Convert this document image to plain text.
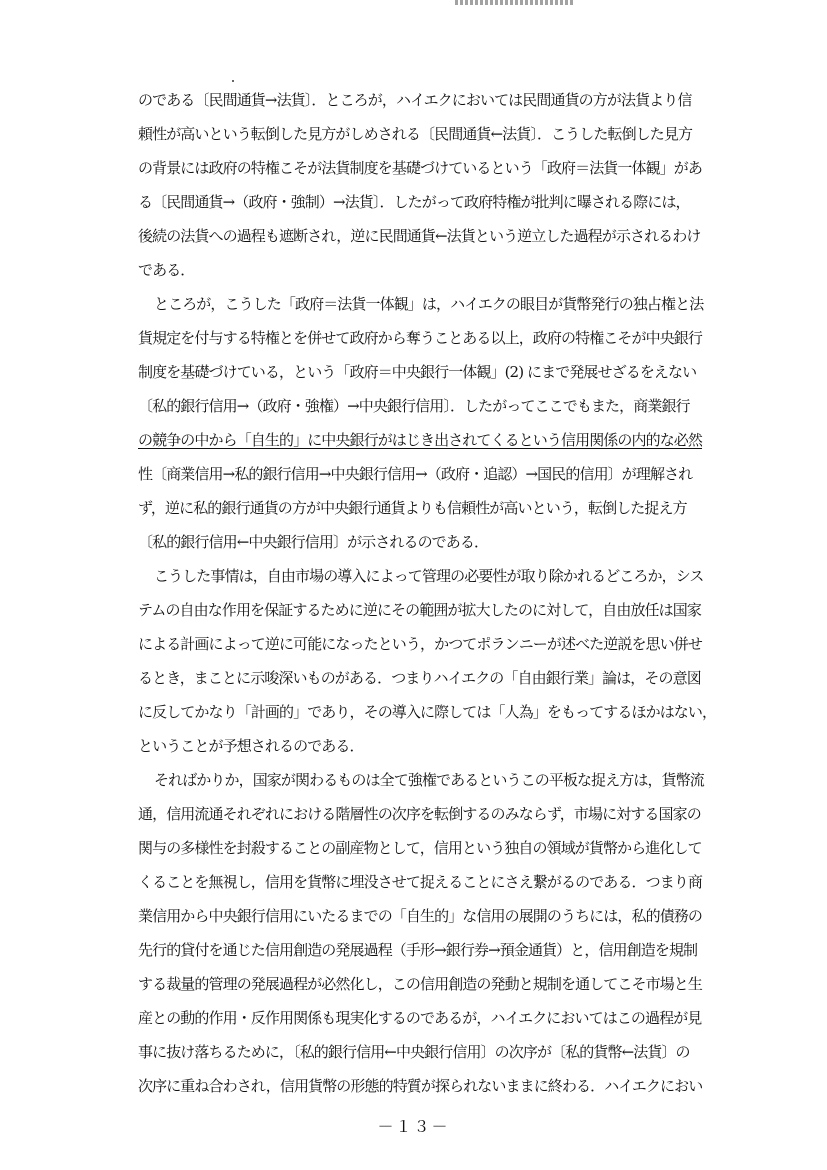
のである〔民間通貨→法貨〕．ところが，ハイエクにおいては民間通貨の方が法貨より信
頼性が高いという転倒した見方がしめされる〔民間通貨←法貨〕．こうした転倒した見方
の背景には政府の特権こそが法貨制度を基礎づけているという「政府＝法貨一体観」があ
る〔民間通貨→（政府・強制）→法貨〕．したがって政府特権が批判に曝される際には，
後続の法貨への過程も遮断され，逆に民間通貨←法貨という逆立した過程が示されるわけ
である．
ところが，こうした「政府＝法貨一体観」は，ハイエクの眼目が貨幣発行の独占権と法
貨規定を付与する特権とを併せて政府から奪うことある以上，政府の特権こそが中央銀行
制度を基礎づけている，という「政府＝中央銀行一体観」(2) にまで発展せざるをえない
〔私的銀行信用→（政府・強権）→中央銀行信用〕．したがってここでもまた，商業銀行
の競争の中から「自生的」に中央銀行がはじき出されてくるという信用関係の内的な必然
性〔商業信用→私的銀行信用→中央銀行信用→（政府・追認）→国民的信用〕が理解され
ず，逆に私的銀行通貨の方が中央銀行通貨よりも信頼性が高いという，転倒した捉え方
〔私的銀行信用←中央銀行信用〕が示されるのである．
こうした事情は，自由市場の導入によって管理の必要性が取り除かれるどころか，シス
テムの自由な作用を保証するために逆にその範囲が拡大したのに対して，自由放任は国家
による計画によって逆に可能になったという，かつてポランニーが述べた逆説を思い併せ
るとき，まことに示唆深いものがある．つまりハイエクの「自由銀行業」論は，その意図
に反してかなり「計画的」であり，その導入に際しては「人為」をもってするほかはない，
ということが予想されるのである．
そればかりか，国家が関わるものは全て強権であるというこの平板な捉え方は，貨幣流
通，信用流通それぞれにおける階層性の次序を転倒するのみならず，市場に対する国家の
関与の多様性を封殺することの副産物として，信用という独自の領域が貨幣から進化して
くることを無視し，信用を貨幣に埋没させて捉えることにさえ繋がるのである．つまり商
業信用から中央銀行信用にいたるまでの「自生的」な信用の展開のうちには，私的債務の
先行的貸付を通じた信用創造の発展過程（手形→銀行券→預金通貨）と，信用創造を規制
する裁量的管理の発展過程が必然化し，この信用創造の発動と規制を通してこそ市場と生
産との動的作用・反作用関係も現実化するのであるが，ハイエクにおいてはこの過程が見
事に抜け落ちるために，〔私的銀行信用←中央銀行信用〕の次序が〔私的貨幣←法貨〕の
次序に重ね合わされ，信用貨幣の形態的特質が探られないままに終わる．ハイエクにおい
－１３－
